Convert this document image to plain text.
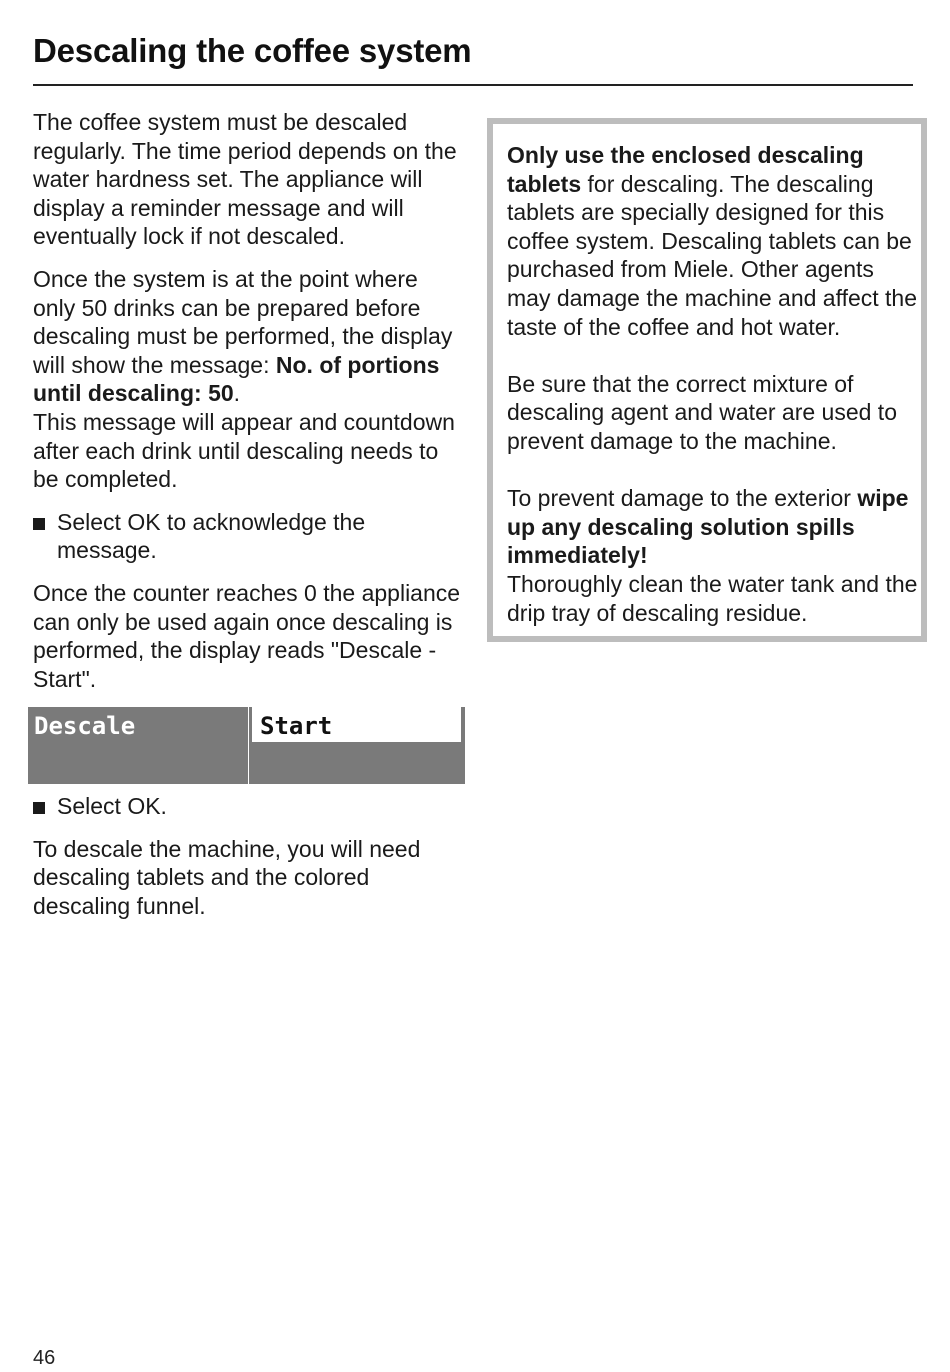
Descaling the coffee system

The coffee system must be descaled regularly. The time period depends on the water hardness set. The appliance will display a reminder message and will eventually lock if not descaled.

Once the system is at the point where only 50 drinks can be prepared before descaling must be performed, the display will show the message: No. of portions until descaling: 50.
This message will appear and countdown after each drink until descaling needs to be completed.

Select OK to acknowledge the message.

Once the counter reaches 0 the appliance can only be used again once descaling is performed, the display reads "Descale - Start".

Descale	Start
Select OK.

To descale the machine, you will need descaling tablets and the colored descaling funnel.

Only use the enclosed descaling tablets for descaling. The descaling tablets are specially designed for this coffee system. Descaling tablets can be purchased from Miele. Other agents may damage the machine and affect the taste of the coffee and hot water.

Be sure that the correct mixture of descaling agent and water are used to prevent damage to the machine.

To prevent damage to the exterior wipe up any descaling solution spills immediately!
Thoroughly clean the water tank and the drip tray of descaling residue.

46
